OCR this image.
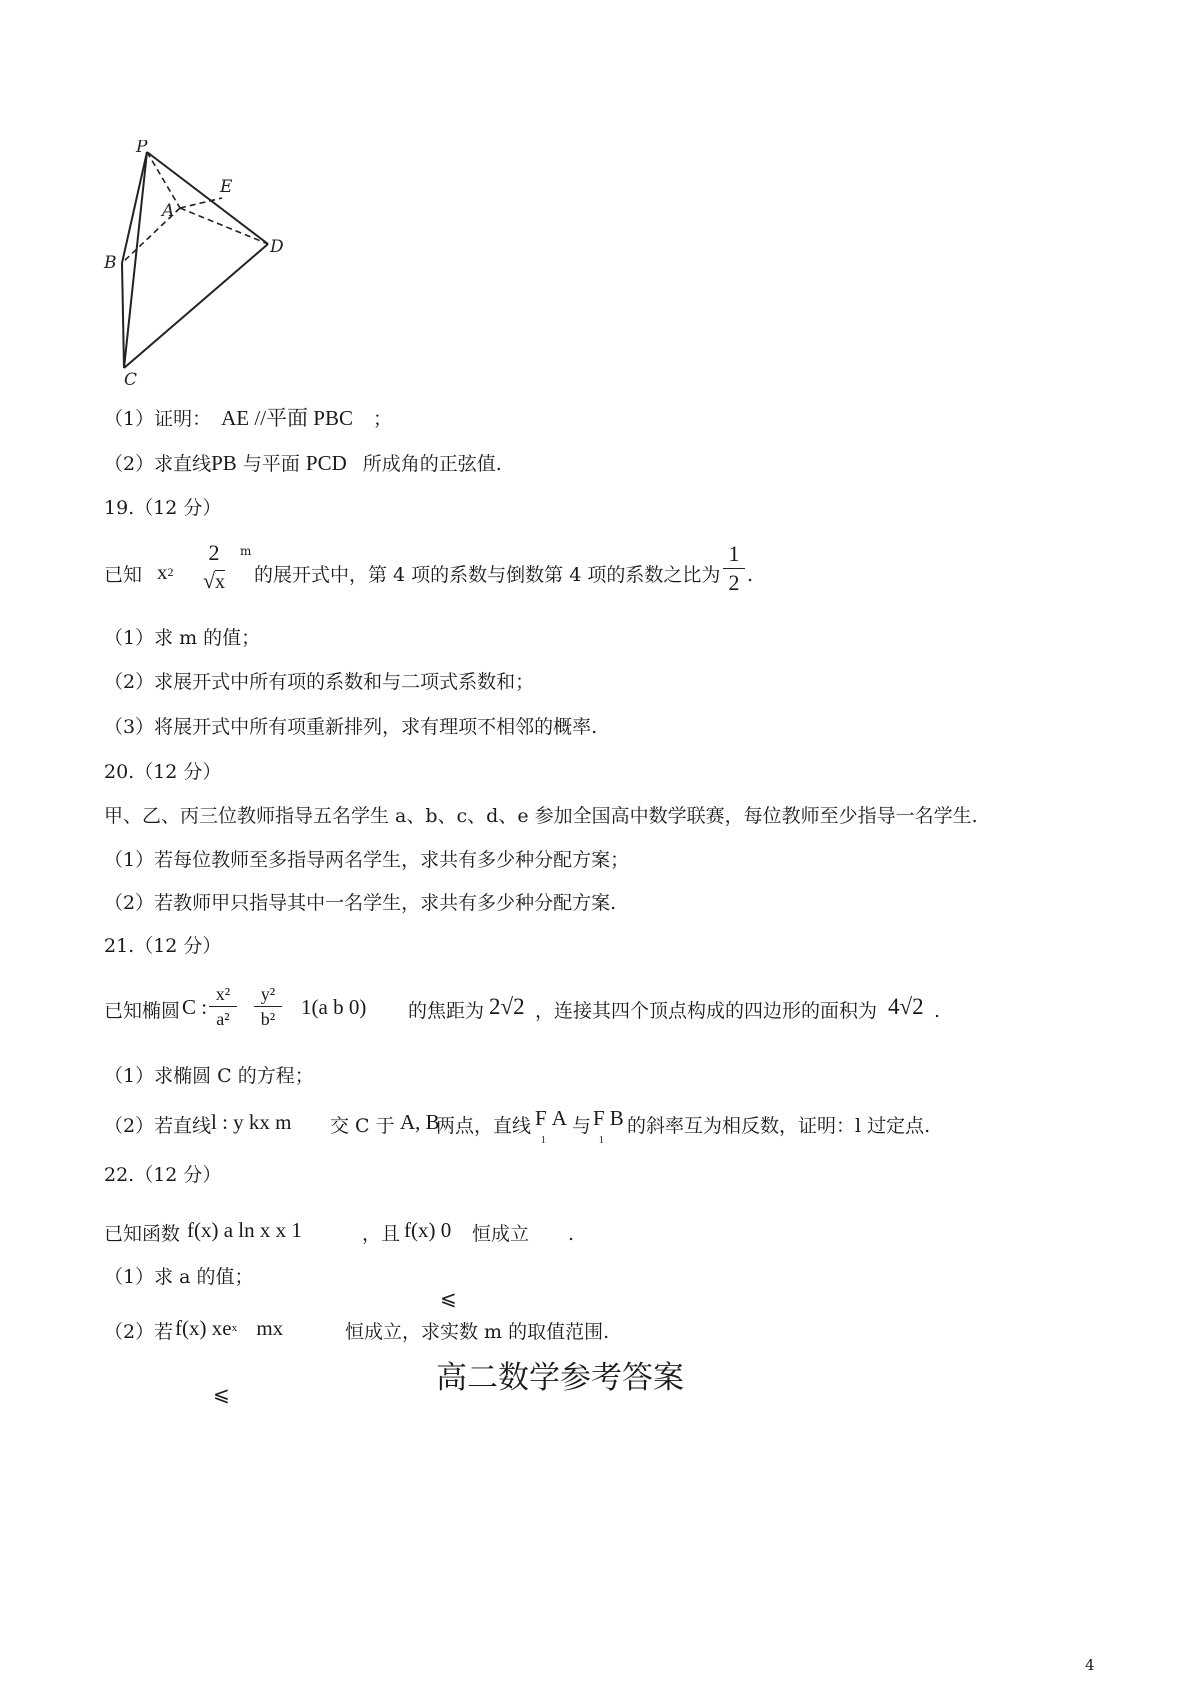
P
E
A
D
B
C
（1）证明： AE //平面 PBC ；
（2）求直线PB 与平面 PCD 所成角的正弦值.
19.（12 分）
已知 $x^2$
2
√x
m
的展开式中，第 4 项的系数与倒数第 4 项的系数之比为
1
2 .
（1）求 m 的值；
（2）求展开式中所有项的系数和与二项式系数和；
（3）将展开式中所有项重新排列，求有理项不相邻的概率.
20.（12 分）
甲、乙、丙三位教师指导五名学生 a、b、c、d、e 参加全国高中数学联赛，每位教师至少指导一名学生.
（1）若每位教师至多指导两名学生，求共有多少种分配方案；
（2）若教师甲只指导其中一名学生，求共有多少种分配方案.
21.（12 分）
已知椭圆 C :
x²
a²
y²
b²	1(a b 0) 的焦距为 2√2 ，连接其四个顶点构成的四边形的面积为 4√2 .
（1）求椭圆 C 的方程；
（2）若直线 l : y kx m 交 C 于 A, B
两点，直线 $F_1A$ 与 $F_1B$ 的斜率互为相反数，证明：l 过定点.
22.（12 分）
已知函数 f(x) a ln x x 1	，且 f(x) 0 恒成立 .
（1）求 a 的值；
⩽
（2）若 f(x) $xe^x$ mx	恒成立，求实数 m 的取值范围.
⩽	高二数学参考答案
4
